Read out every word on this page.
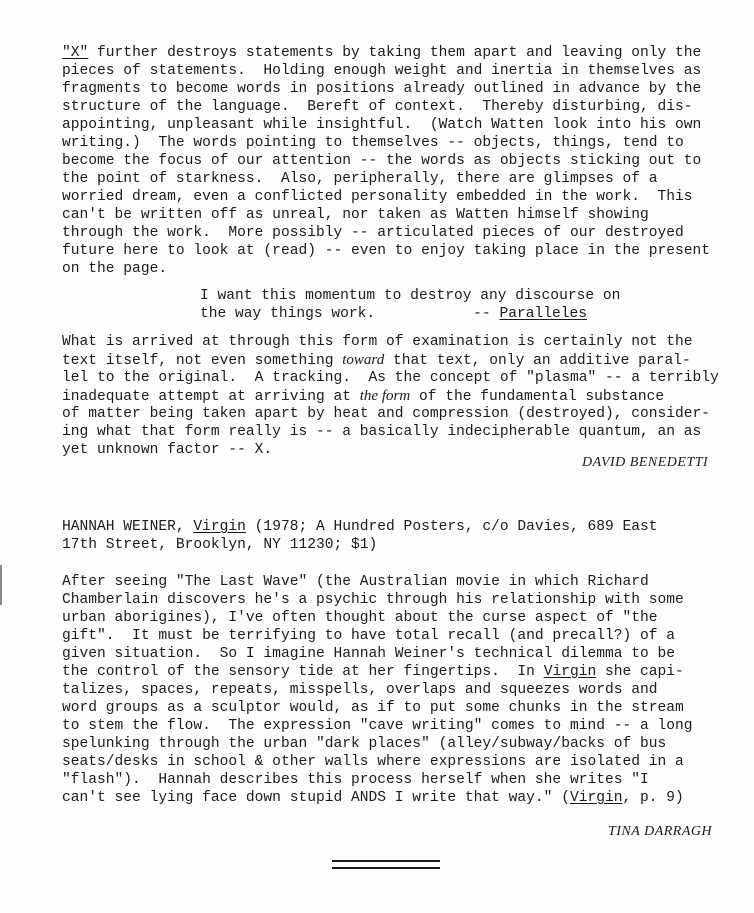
"X" further destroys statements by taking them apart and leaving only the
pieces of statements.  Holding enough weight and inertia in themselves as
fragments to become words in positions already outlined in advance by the
structure of the language.  Bereft of context.  Thereby disturbing, dis-
appointing, unpleasant while insightful.  (Watch Watten look into his own
writing.)  The words pointing to themselves -- objects, things, tend to
become the focus of our attention -- the words as objects sticking out to
the point of starkness.  Also, peripherally, there are glimpses of a
worried dream, even a conflicted personality embedded in the work.  This
can't be written off as unreal, nor taken as Watten himself showing
through the work.  More possibly -- articulated pieces of our destroyed
future here to look at (read) -- even to enjoy taking place in the present
on the page.
I want this momentum to destroy any discourse on
the way things work.	-- Paralleles
What is arrived at through this form of examination is certainly not the
text itself, not even something toward that text, only an additive paral-
lel to the original.  A tracking.  As the concept of "plasma" -- a terribly
inadequate attempt at arriving at the form of the fundamental substance
of matter being taken apart by heat and compression (destroyed), consider-
ing what that form really is -- a basically indecipherable quantum, an as
yet unknown factor -- X.
DAVID BENEDETTI
HANNAH WEINER, Virgin (1978; A Hundred Posters, c/o Davies, 689 East
17th Street, Brooklyn, NY 11230; $1)
After seeing "The Last Wave" (the Australian movie in which Richard
Chamberlain discovers he's a psychic through his relationship with some
urban aborigines), I've often thought about the curse aspect of "the
gift".  It must be terrifying to have total recall (and precall?) of a
given situation.  So I imagine Hannah Weiner's technical dilemma to be
the control of the sensory tide at her fingertips.  In Virgin she capi-
talizes, spaces, repeats, misspells, overlaps and squeezes words and
word groups as a sculptor would, as if to put some chunks in the stream
to stem the flow.  The expression "cave writing" comes to mind -- a long
spelunking through the urban "dark places" (alley/subway/backs of bus
seats/desks in school & other walls where expressions are isolated in a
"flash").  Hannah describes this process herself when she writes "I
can't see lying face down stupid ANDS I write that way." (Virgin, p. 9)
TINA DARRAGH
